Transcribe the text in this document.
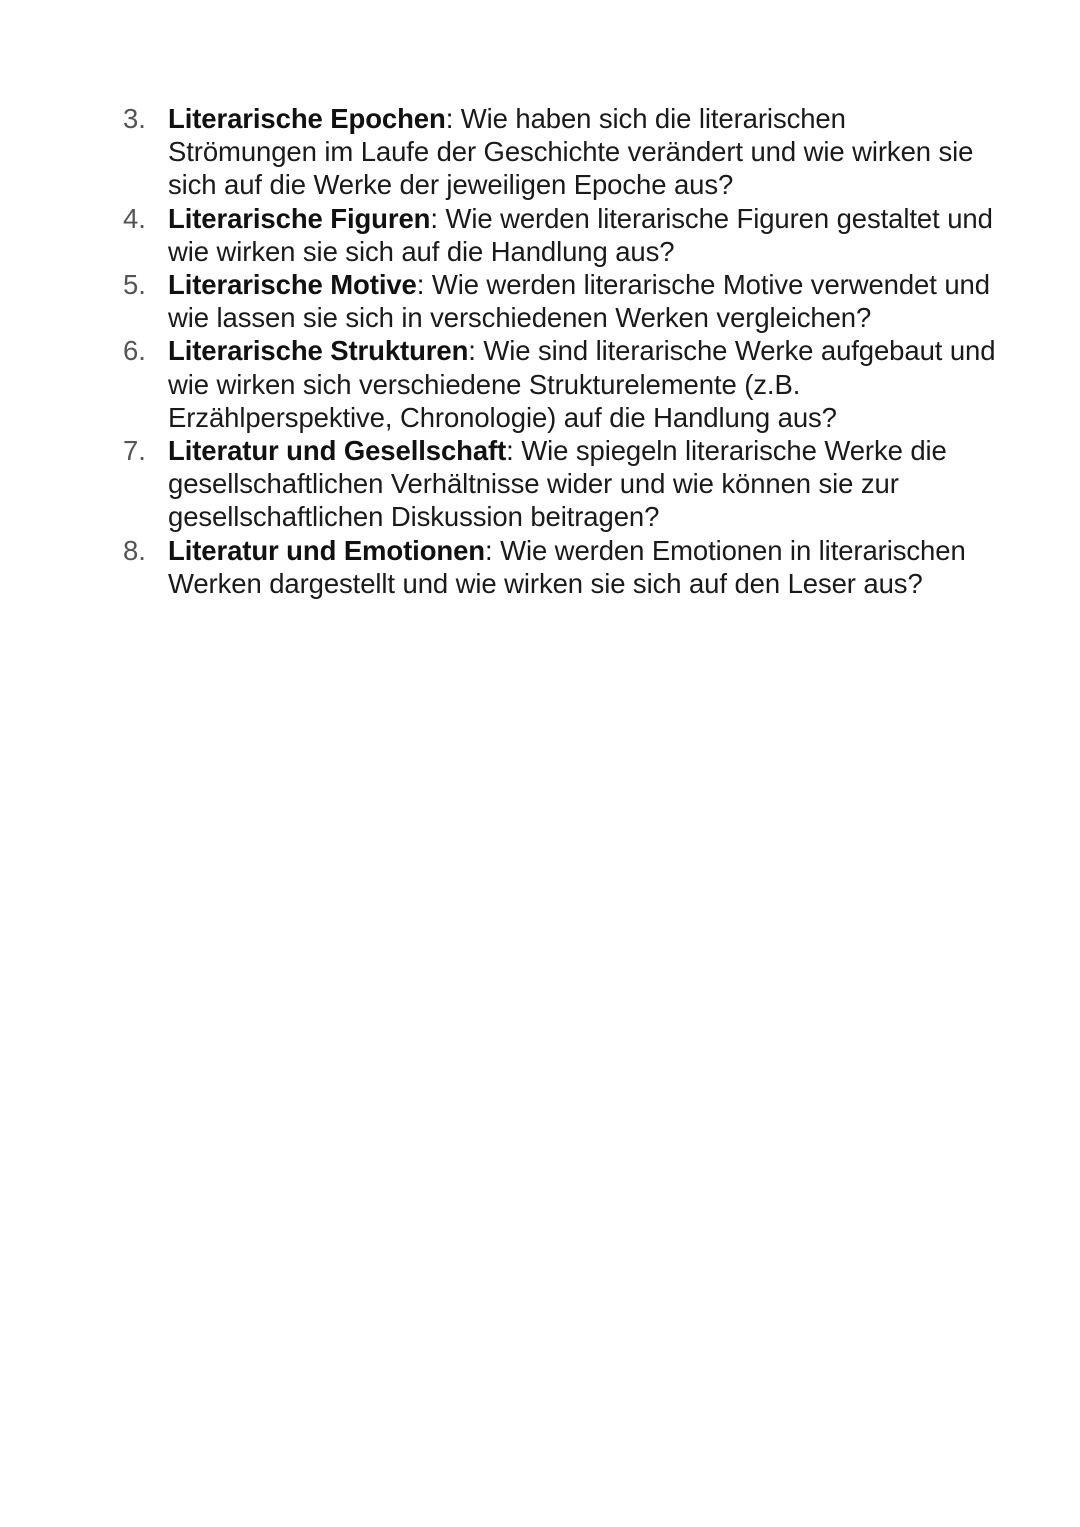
3. Literarische Epochen: Wie haben sich die literarischen Strömungen im Laufe der Geschichte verändert und wie wirken sie sich auf die Werke der jeweiligen Epoche aus?
4. Literarische Figuren: Wie werden literarische Figuren gestaltet und wie wirken sie sich auf die Handlung aus?
5. Literarische Motive: Wie werden literarische Motive verwendet und wie lassen sie sich in verschiedenen Werken vergleichen?
6. Literarische Strukturen: Wie sind literarische Werke aufgebaut und wie wirken sich verschiedene Strukturelemente (z.B. Erzählperspektive, Chronologie) auf die Handlung aus?
7. Literatur und Gesellschaft: Wie spiegeln literarische Werke die gesellschaftlichen Verhältnisse wider und wie können sie zur gesellschaftlichen Diskussion beitragen?
8. Literatur und Emotionen: Wie werden Emotionen in literarischen Werken dargestellt und wie wirken sie sich auf den Leser aus?
